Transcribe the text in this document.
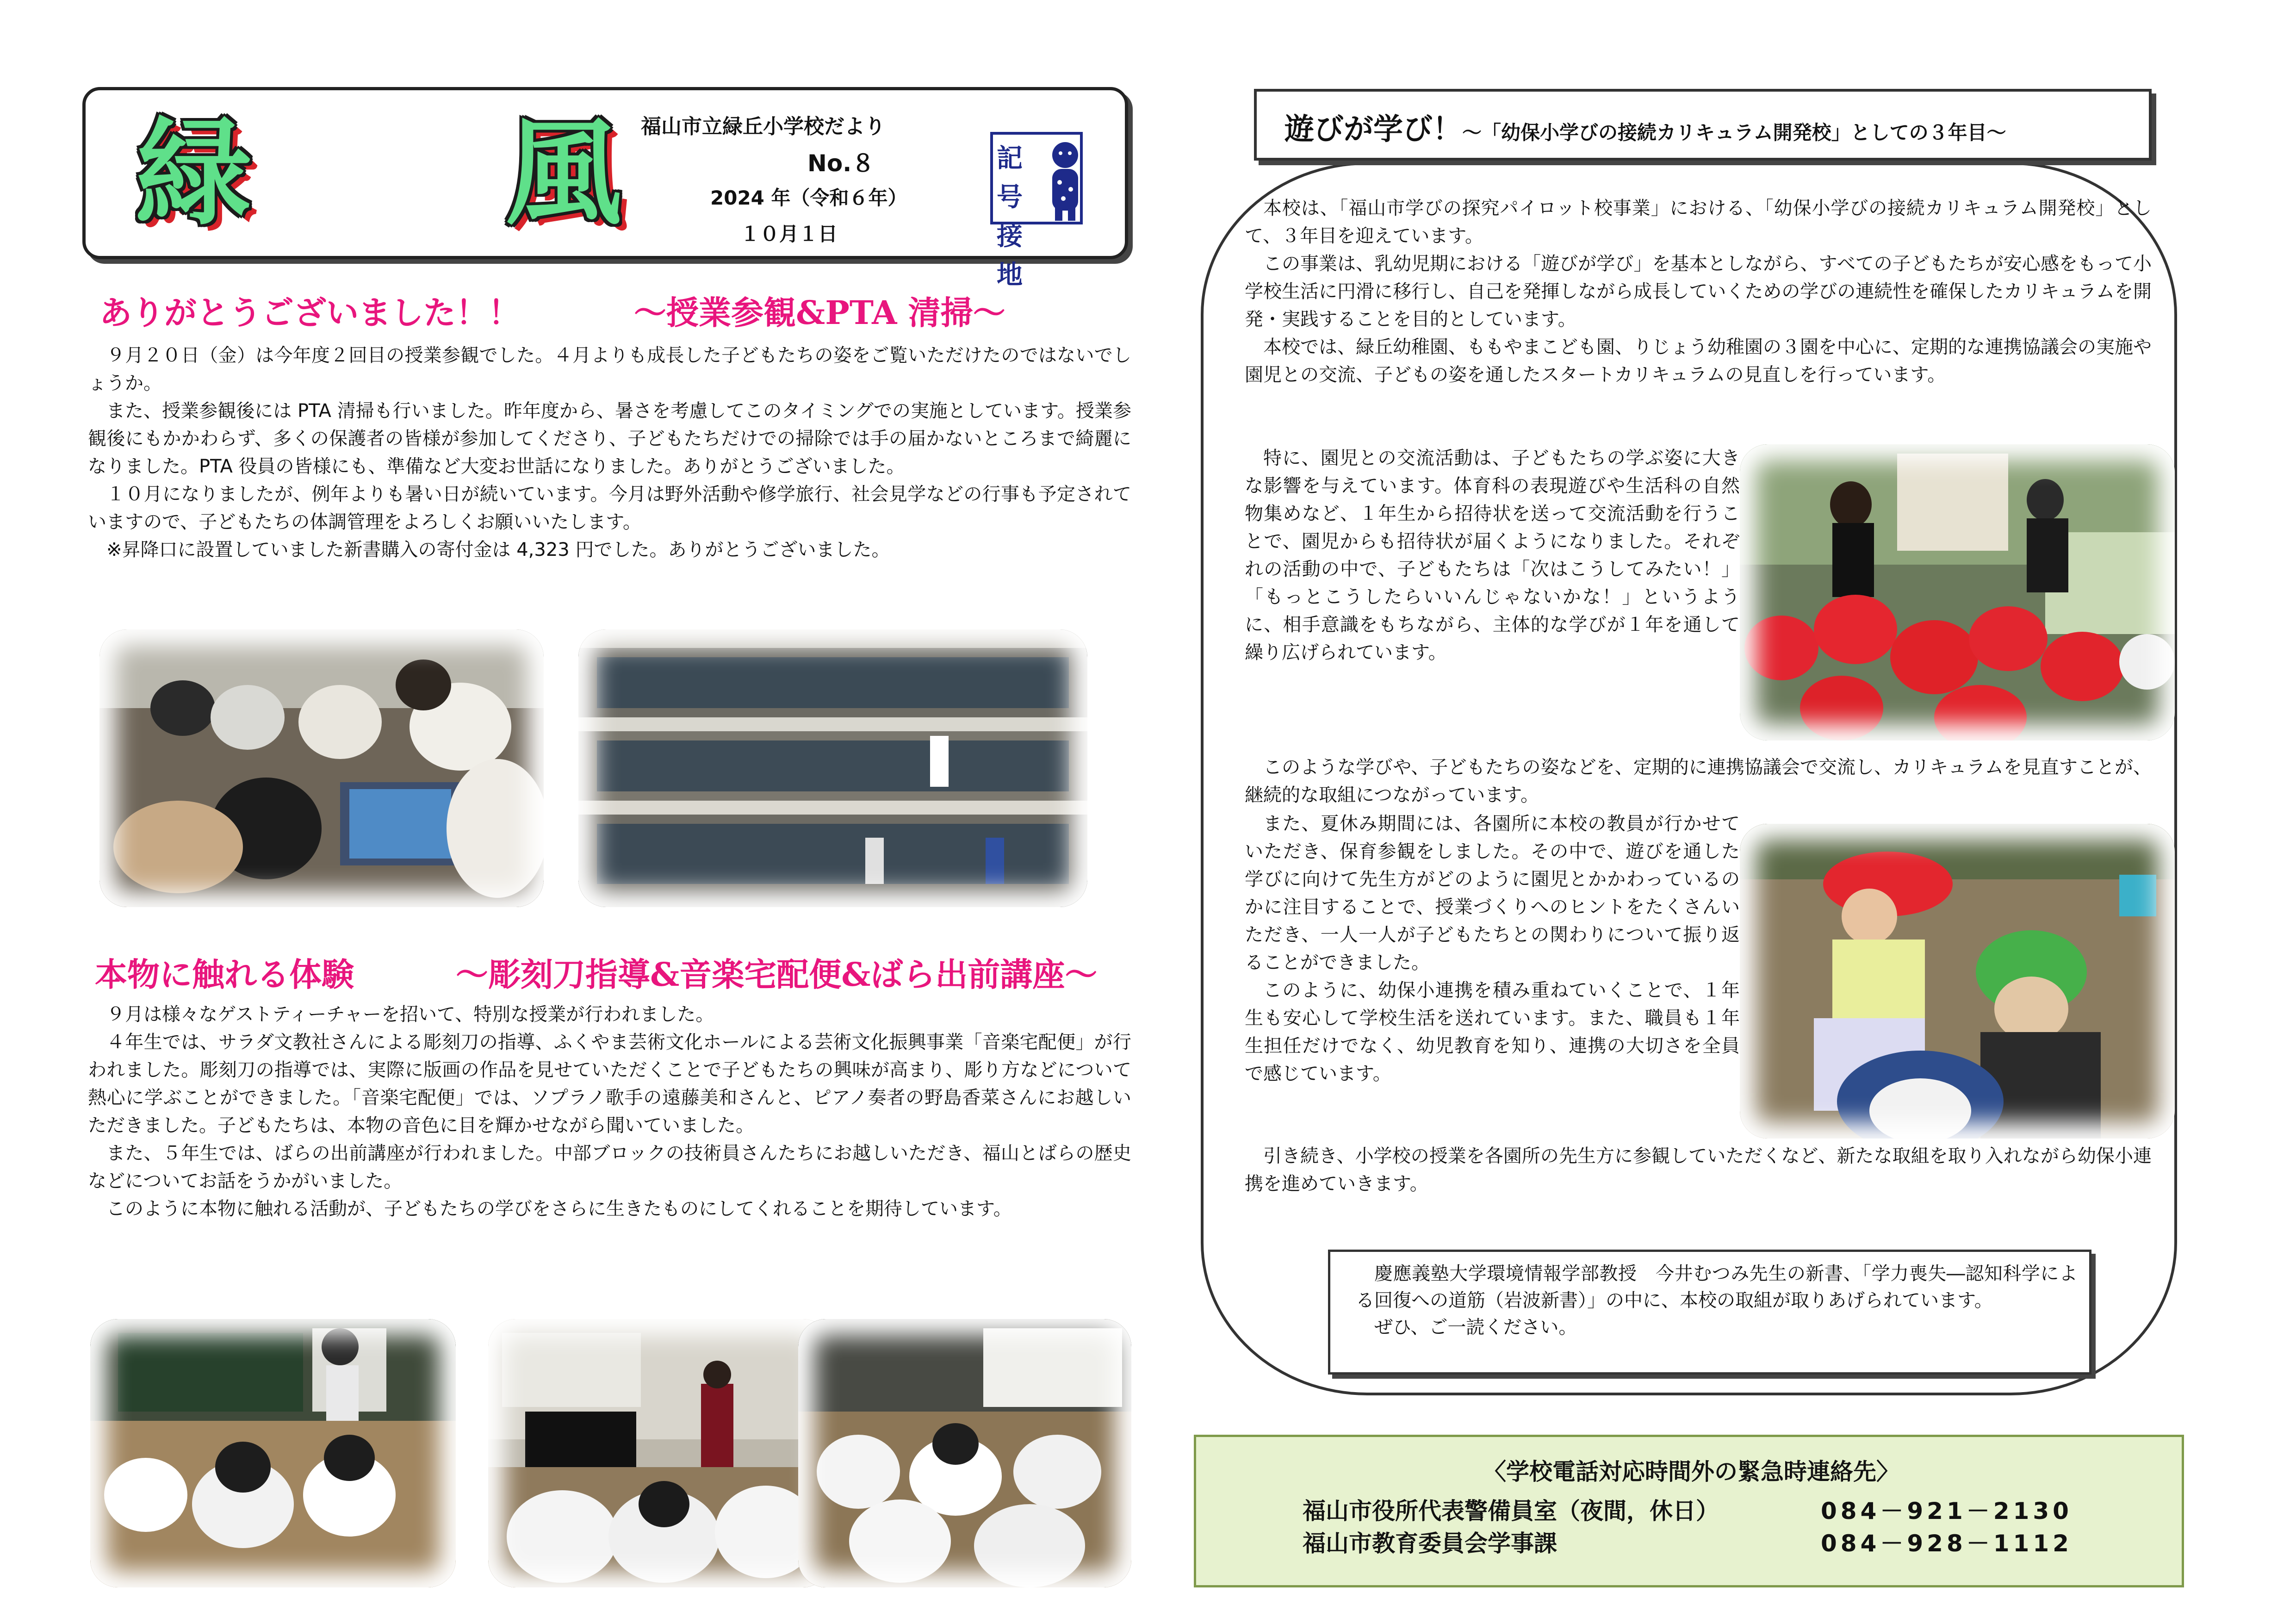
緑　風
福山市立緑丘小学校だより
No.８
2024 年（令和６年）
１０月１日
記号接地
ありがとうございました！！	～授業参観&PTA 清掃～

９月２０日（金）は今年度２回目の授業参観でした。４月よりも成長した子どもたちの姿をご覧いただけたのではないでしょうか。

また、授業参観後には PTA 清掃も行いました。昨年度から、暑さを考慮してこのタイミングでの実施としています。授業参観後にもかかわらず、多くの保護者の皆様が参加してくださり、子どもたちだけでの掃除では手の届かないところまで綺麗になりました。PTA 役員の皆様にも、準備など大変お世話になりました。ありがとうございました。

１０月になりましたが、例年よりも暑い日が続いています。今月は野外活動や修学旅行、社会見学などの行事も予定されていますので、子どもたちの体調管理をよろしくお願いいたします。

※昇降口に設置していました新書購入の寄付金は 4,323 円でした。ありがとうございました。

本物に触れる体験	～彫刻刀指導&音楽宅配便&ばら出前講座～

９月は様々なゲストティーチャーを招いて、特別な授業が行われました。

４年生では、サラダ文教社さんによる彫刻刀の指導、ふくやま芸術文化ホールによる芸術文化振興事業「音楽宅配便」が行われました。彫刻刀の指導では、実際に版画の作品を見せていただくことで子どもたちの興味が高まり、彫り方などについて熱心に学ぶことができました。「音楽宅配便」では、ソプラノ歌手の遠藤美和さんと、ピアノ奏者の野島香菜さんにお越しいただきました。子どもたちは、本物の音色に目を輝かせながら聞いていました。

また、５年生では、ばらの出前講座が行われました。中部ブロックの技術員さんたちにお越しいただき、福山とばらの歴史などについてお話をうかがいました。

このように本物に触れる活動が、子どもたちの学びをさらに生きたものにしてくれることを期待しています。

遊びが学び！～「幼保小学びの接続カリキュラム開発校」としての３年目～

本校は、「福山市学びの探究パイロット校事業」における、「幼保小学びの接続カリキュラム開発校」として、３年目を迎えています。

この事業は、乳幼児期における「遊びが学び」を基本としながら、すべての子どもたちが安心感をもって小学校生活に円滑に移行し、自己を発揮しながら成長していくための学びの連続性を確保したカリキュラムを開発・実践することを目的としています。

本校では、緑丘幼稚園、ももやまこども園、りじょう幼稚園の３園を中心に、定期的な連携協議会の実施や園児との交流、子どもの姿を通したスタートカリキュラムの見直しを行っています。

特に、園児との交流活動は、子どもたちの学ぶ姿に大きな影響を与えています。体育科の表現遊びや生活科の自然物集めなど、１年生から招待状を送って交流活動を行うことで、園児からも招待状が届くようになりました。それぞれの活動の中で、子どもたちは「次はこうしてみたい！」「もっとこうしたらいいんじゃないかな！」というように、相手意識をもちながら、主体的な学びが１年を通して繰り広げられています。

このような学びや、子どもたちの姿などを、定期的に連携協議会で交流し、カリキュラムを見直すことが、継続的な取組につながっています。

また、夏休み期間には、各園所に本校の教員が行かせていただき、保育参観をしました。その中で、遊びを通した学びに向けて先生方がどのように園児とかかわっているのかに注目することで、授業づくりへのヒントをたくさんいただき、一人一人が子どもたちとの関わりについて振り返ることができました。

このように、幼保小連携を積み重ねていくことで、１年生も安心して学校生活を送れています。また、職員も１年生担任だけでなく、幼児教育を知り、連携の大切さを全員で感じています。

引き続き、小学校の授業を各園所の先生方に参観していただくなど、新たな取組を取り入れながら幼保小連携を進めていきます。

慶應義塾大学環境情報学部教授　今井むつみ先生の新書、「学力喪失―認知科学による回復への道筋（岩波新書）」の中に、本校の取組が取りあげられています。

ぜひ、ご一読ください。

〈学校電話対応時間外の緊急時連絡先〉
福山市役所代表警備員室（夜間，休日）	084－921－2130
福山市教育委員会学事課	084－928－1112
